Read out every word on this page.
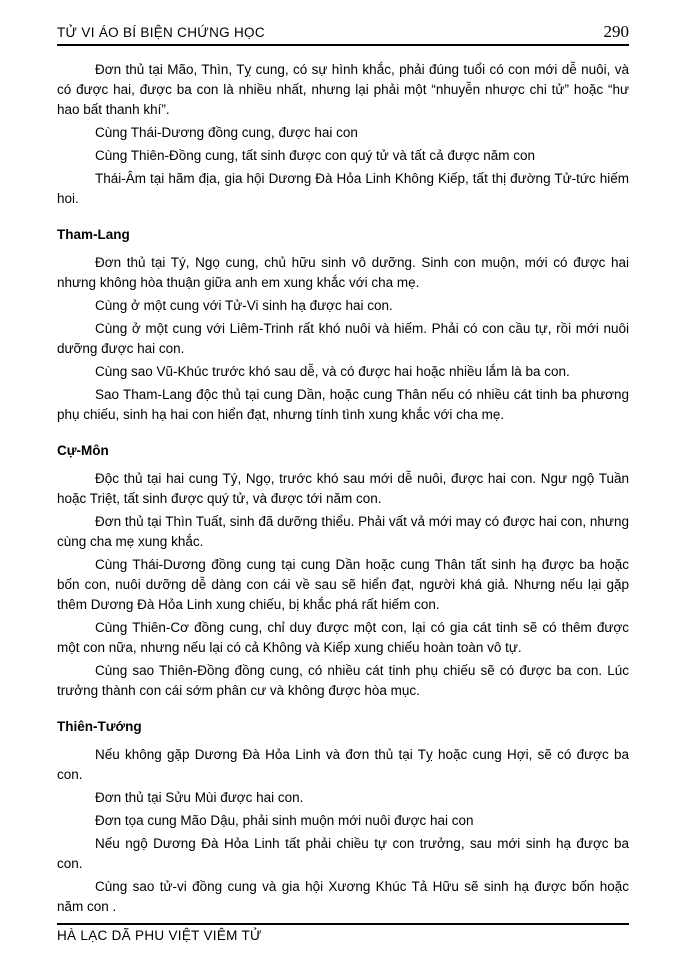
TỬ VI ÁO BÍ BIỆN CHỨNG HỌC	290

Đơn thủ tại Mão, Thìn, Tỵ cung, có sự hình khắc, phải đúng tuổi có con mới dễ nuôi, và có được hai, được ba con là nhiều nhất, nhưng lại phải một “nhuyễn nhược chi tử” hoặc “hư hao bất thanh khí”.

Cùng Thái-Dương đồng cung, được hai con

Cùng Thiên-Đồng cung, tất sinh được con quý tử và tất cả được năm con

Thái-Âm tại hãm địa, gia hội Dương Đà Hỏa Linh Không Kiếp, tất thị đường Tử-tức hiếm hoi.

Tham-Lang

Đơn thủ tại Tý, Ngọ cung, chủ hữu sinh vô dưỡng. Sinh con muộn, mới có được hai nhưng không hòa thuận giữa anh em xung khắc với cha mẹ.

Cùng ở một cung với Tử-Vi sinh hạ được hai con.

Cùng ở một cung với Liêm-Trinh rất khó nuôi và hiếm. Phải có con cầu tự, rồi mới nuôi dưỡng được hai con.

Cùng sao Vũ-Khúc trước khó sau dễ, và có được hai hoặc nhiều lắm là ba con.

Sao Tham-Lang độc thủ tại cung Dần, hoặc cung Thân nếu có nhiều cát tinh ba phương phụ chiếu, sinh hạ hai con hiển đạt, nhưng tính tình xung khắc với cha mẹ.

Cự-Môn

Độc thủ tại hai cung Tý, Ngọ, trước khó sau mới dễ nuôi, được hai con. Ngư ngộ Tuần hoặc Triệt, tất sinh được quý tử, và được tới năm con.

Đơn thủ tại Thìn Tuất, sinh đã dưỡng thiểu. Phải vất vả mới may có được hai con, nhưng cùng cha mẹ xung khắc.

Cùng Thái-Dương đồng cung tại cung Dần hoặc cung Thân tất sinh hạ được ba hoặc bốn con, nuôi dưỡng dễ dàng con cái về sau sẽ hiển đạt, người khá giả. Nhưng nếu lại gặp thêm Dương Đà Hỏa Linh xung chiếu, bị khắc phá rất hiếm con.

Cùng Thiên-Cơ đồng cung, chỉ duy được một con, lại có gia cát tinh sẽ có thêm được một con nữa, nhưng nếu lại có cả Không và Kiếp xung chiếu hoàn toàn vô tự.

Cùng sao Thiên-Đồng đồng cung, có nhiều cát tinh phụ chiếu sẽ có được ba con. Lúc trưởng thành con cái sớm phân cư và không được hòa mục.

Thiên-Tướng

Nếu không gặp Dương Đà Hỏa Linh và đơn thủ tại Tỵ hoặc cung Hợi, sẽ có được ba con.

Đơn thủ tại Sửu Mùi được hai con.

Đơn tọa cung Mão Dậu, phải sinh muộn mới nuôi được hai con

Nếu ngộ Dương Đà Hỏa Linh tất phải chiều tự con trưởng, sau mới sinh hạ được ba con.

Cùng sao tử-vi đồng cung và gia hội Xương Khúc Tả Hữu sẽ sinh hạ được bốn hoặc năm con .

HÀ LẠC DÃ PHU VIỆT VIÊM TỬ
